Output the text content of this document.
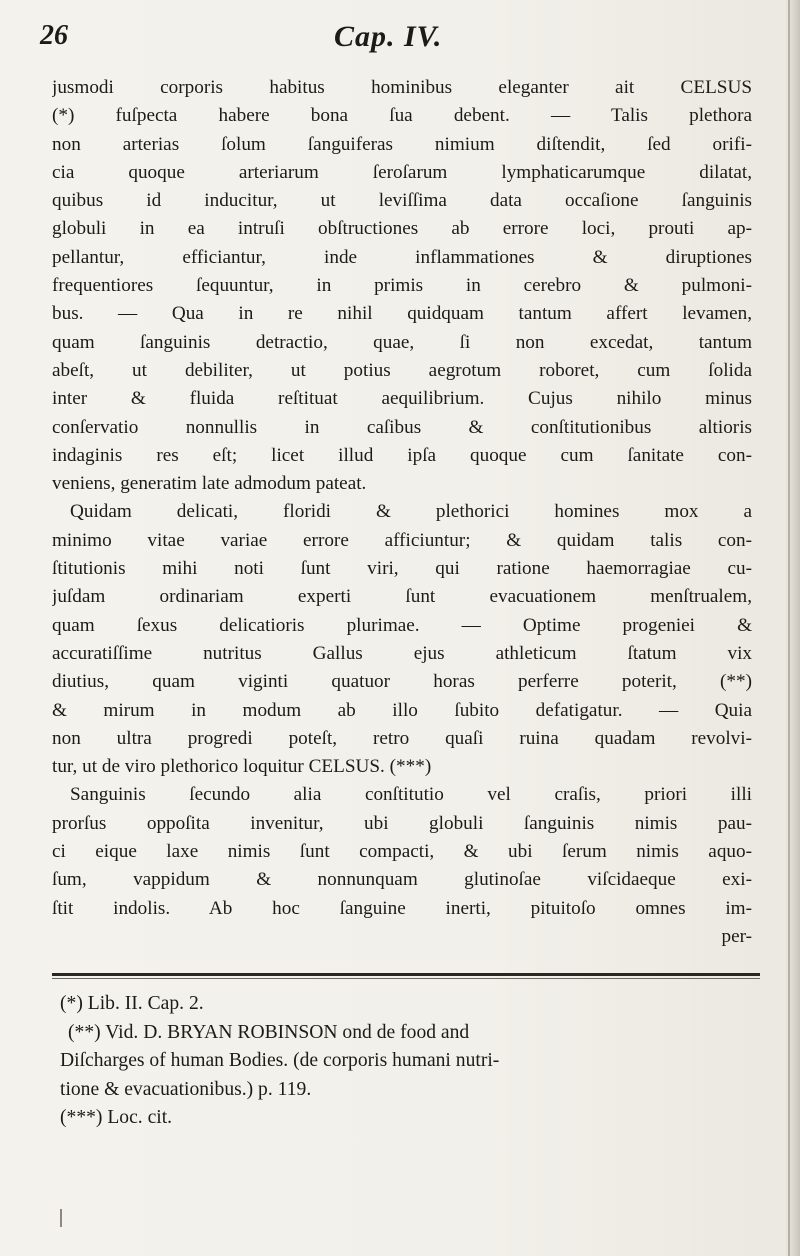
26	Cap. IV.
jusmodi corporis habitus hominibus eleganter ait CELSUS
(*) fuſpecta habere bona ſua debent. — Talis plethora
non arterias ſolum ſanguiferas nimium diſtendit, ſed orifi-
cia quoque arteriarum ſeroſarum lymphaticarumque dilatat,
quibus id inducitur, ut leviſſima data occaſione ſanguinis
globuli in ea intruſi obſtructiones ab errore loci, prouti ap-
pellantur, efficiantur, inde inflammationes & diruptiones
frequentiores ſequuntur, in primis in cerebro & pulmoni-
bus. — Qua in re nihil quidquam tantum affert levamen,
quam ſanguinis detractio, quae, ſi non excedat, tantum
abeſt, ut debiliter, ut potius aegrotum roboret, cum ſolida
inter & fluida reſtituat aequilibrium. Cujus nihilo minus
conſervatio nonnullis in caſibus & conſtitutionibus altioris
indaginis res eſt; licet illud ipſa quoque cum ſanitate con-
veniens, generatim late admodum pateat.
Quidam delicati, floridi & plethorici homines mox a
minimo vitae variae errore afficiuntur; & quidam talis con-
ſtitutionis mihi noti ſunt viri, qui ratione haemorragiae cu-
juſdam ordinariam experti ſunt evacuationem menſtrualem,
quam ſexus delicatioris plurimae. — Optime progeniei &
accuratiſſime nutritus Gallus ejus athleticum ſtatum vix
diutius, quam viginti quatuor horas perferre poterit, (**)
& mirum in modum ab illo ſubito defatigatur. — Quia
non ultra progredi poteſt, retro quaſi ruina quadam revolvi-
tur, ut de viro plethorico loquitur CELSUS. (***)
Sanguinis ſecundo alia conſtitutio vel craſis, priori illi
prorſus oppoſita invenitur, ubi globuli ſanguinis nimis pau-
ci eique laxe nimis ſunt compacti, & ubi ſerum nimis aquo-
ſum, vappidum & nonnunquam glutinoſae viſcidaeque exi-
ſtit indolis. Ab hoc ſanguine inerti, pituitoſo omnes im-
per-
(*) Lib. II. Cap. 2.
(**) Vid. D. BRYAN ROBINSON ond de food and
Diſcharges of human Bodies. (de corporis humani nutri-
tione & evacuationibus.) p. 119.
(***) Loc. cit.
